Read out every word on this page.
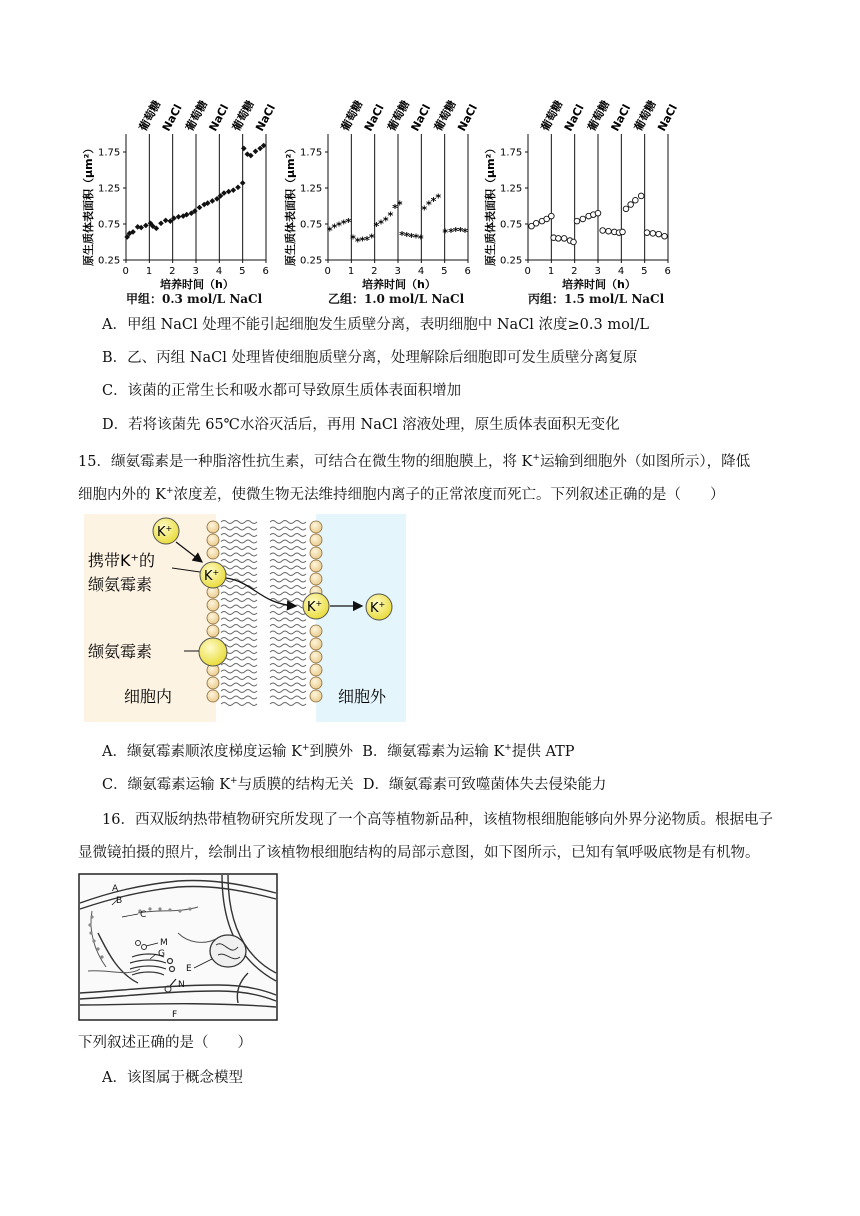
葡萄糖
NaCl
葡萄糖
NaCl
葡萄糖
NaCl
0 1 2 3 4 5 6
0.25
0.75
1.25
1.75
培养时间（h）
原生质体表面积（μm²）
甲组：0.3 mol/L NaCl
葡萄糖
NaCl
葡萄糖
NaCl
葡萄糖
NaCl
0 1 2 3 4 5 6
0.25
0.75
1.25
1.75
培养时间（h）
原生质体表面积（μm²）	*
*
*
*
*
*
*
*
*
*
*
*
*
*
*
*
*
*
*
*
*
*
*
*
*
* *
*
*
*
乙组：1.0 mol/L NaCl
葡萄糖
NaCl
葡萄糖
NaCl
葡萄糖
NaCl
0 1 2 3 4 5 6
0.25
0.75
1.25
1.75
培养时间（h）
原生质体表面积（μm²）
丙组：1.5 mol/L NaCl
A．甲组 NaCl 处理不能引起细胞发生质壁分离，表明细胞中 NaCl 浓度≥0.3 mol/L
B．乙、丙组 NaCl 处理皆使细胞质壁分离，处理解除后细胞即可发生质壁分离复原
C．该菌的正常生长和吸水都可导致原生质体表面积增加
D．若将该菌先 65℃水浴灭活后，再用 NaCl 溶液处理，原生质体表面积无变化
15．缬氨霉素是一种脂溶性抗生素，可结合在微生物的细胞膜上，将 K+运输到细胞外（如图所示），降低
细胞内外的 K+浓度差，使微生物无法维持细胞内离子的正常浓度而死亡。下列叙述正确的是（　　）
K+
K+
K+	K+
携带K⁺的
缬氨霉素
缬氨霉素
细胞内	细胞外
A．缬氨霉素顺浓度梯度运输 K+到膜外 B．缬氨霉素为运输 K+提供 ATP
C．缬氨霉素运输 K+与质膜的结构无关 D．缬氨霉素可致噬菌体失去侵染能力
16．西双版纳热带植物研究所发现了一个高等植物新品种，该植物根细胞能够向外界分泌物质。根据电子
显微镜拍摄的照片，绘制出了该植物根细胞结构的局部示意图，如下图所示，已知有氧呼吸底物是有机物。
A
B
C
M
G
E
N
F
下列叙述正确的是（　　）
A．该图属于概念模型
